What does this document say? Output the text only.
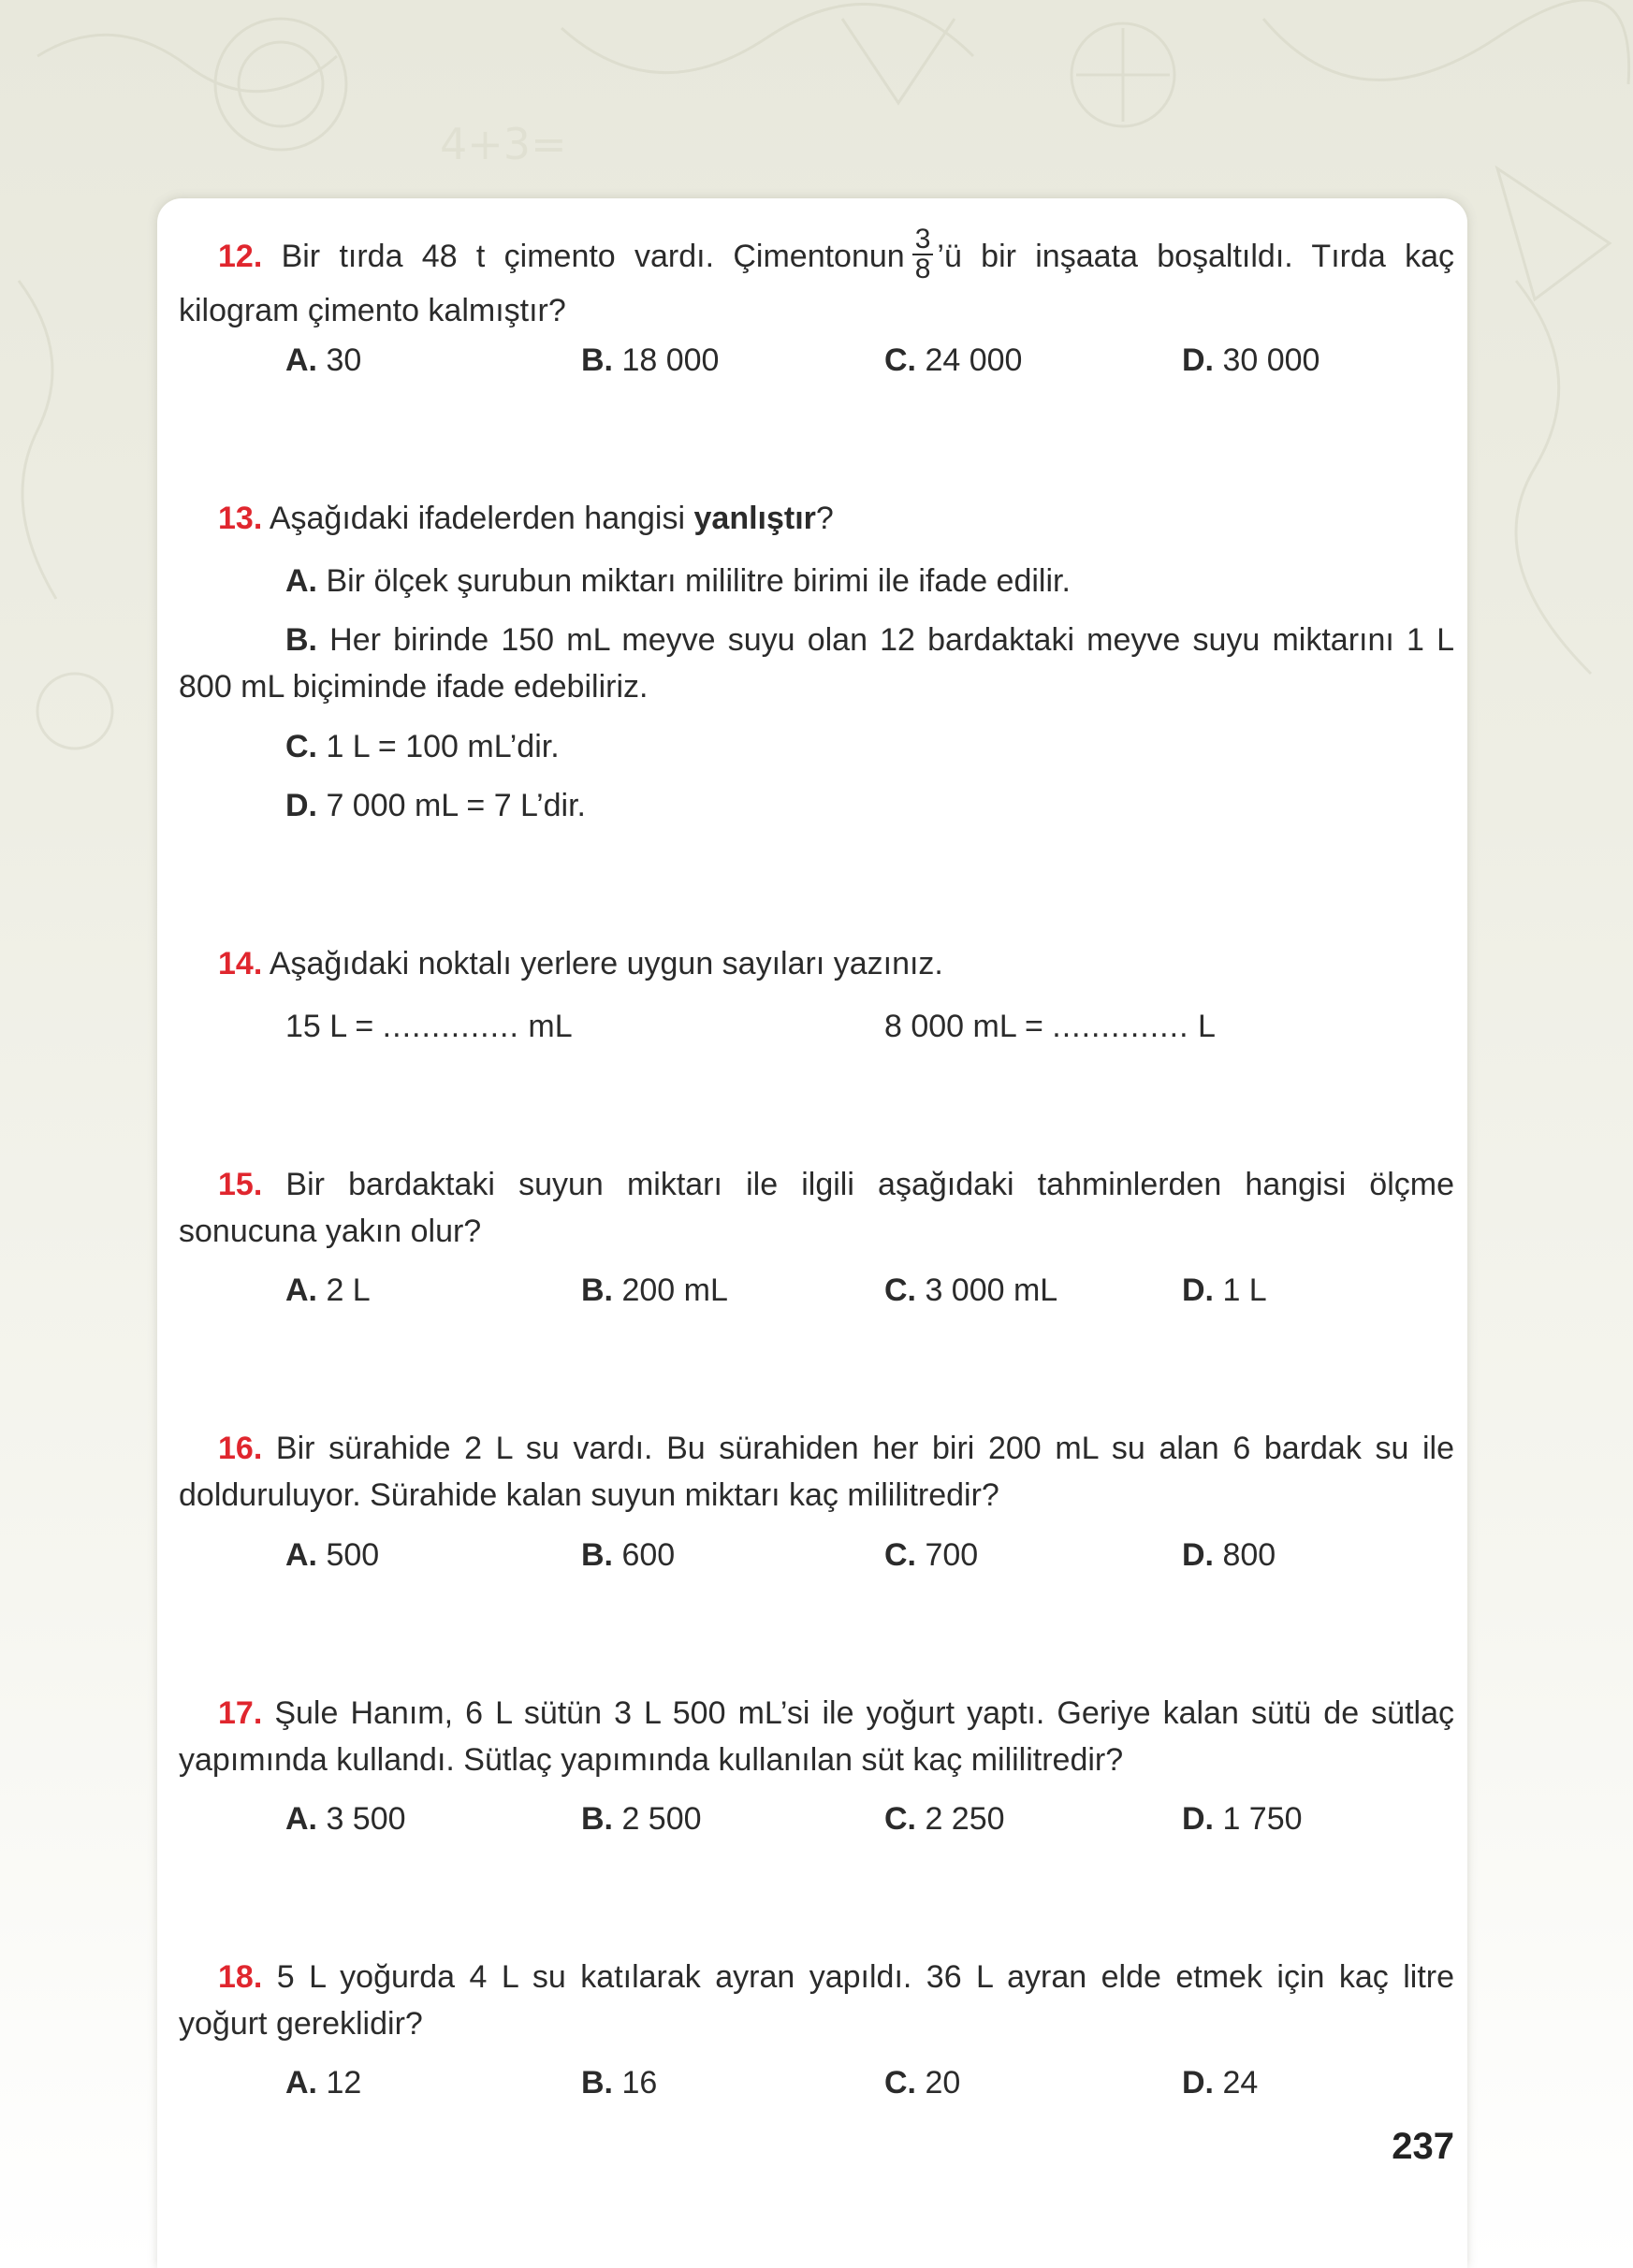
4+3=
12. Bir tırda 48 t çimento vardı. Çimentonun $\frac{3}{8}$ ’ü bir inşaata boşaltıldı. Tırda kaç kilogram çimento kalmıştır?
A. 30	B. 18 000	C. 24 000	D. 30 000
13. Aşağıdaki ifadelerden hangisi yanlıştır?
A. Bir ölçek şurubun miktarı mililitre birimi ile ifade edilir.
B. Her birinde 150 mL meyve suyu olan 12 bardaktaki meyve suyu miktarını 1 L 800 mL biçiminde ifade edebiliriz.
C. 1 L = 100 mL’dir.
D. 7 000 mL = 7 L’dir.
14. Aşağıdaki noktalı yerlere uygun sayıları yazınız.
15 L = .............. mL	8 000 mL = .............. L
15. Bir bardaktaki suyun miktarı ile ilgili aşağıdaki tahminlerden hangisi ölçme sonucuna yakın olur?
A. 2 L	B. 200 mL	C. 3 000 mL	D. 1 L
16. Bir sürahide 2 L su vardı. Bu sürahiden her biri 200 mL su alan 6 bardak su ile dolduruluyor. Sürahide kalan suyun miktarı kaç mililitredir?
A. 500	B. 600	C. 700	D. 800
17. Şule Hanım, 6 L sütün 3 L 500 mL’si ile yoğurt yaptı. Geriye kalan sütü de sütlaç yapımında kullandı. Sütlaç yapımında kullanılan süt kaç mililitredir?
A. 3 500	B. 2 500	C. 2 250	D. 1 750
18. 5 L yoğurda 4 L su katılarak ayran yapıldı. 36 L ayran elde etmek için kaç litre yoğurt gereklidir?
A. 12	B. 16	C. 20	D. 24
237
